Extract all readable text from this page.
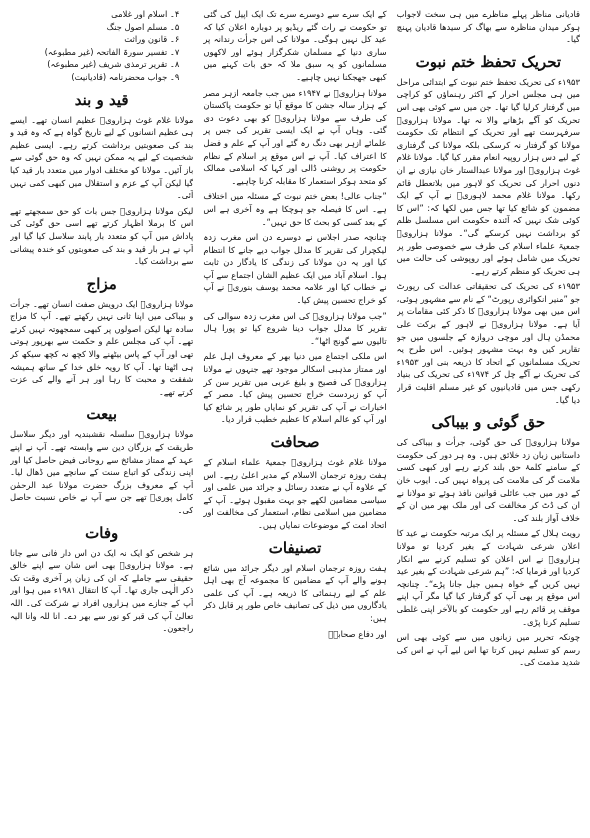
قادیانی مناظر پہلے مناظرے میں ہی سخت لاجواب ہوکر میدان مناظرہ سے بھاگ کر سیدھا قادیان پہنچ گیا۔

تحریک تحفظ ختم نبوت

۱۹۵۳ء کی تحریک تحفظ ختم نبوت کے ابتدائی مراحل میں ہی مجلس احرار کے اکثر رہنماؤں کو کراچی میں گرفتار کرلیا گیا تھا۔ جن میں سے کوئی بھی اس تحریک کو آگے بڑھانے والا نہ تھا۔ مولانا ہزارویؒ سرفہرست تھے اور تحریک کے انتظام تک حکومت مولانا کو گرفتار نہ کرسکی بلکہ مولانا کی گرفتاری کے لیے دس ہزار روپیہ انعام مقرر کیا گیا۔ مولانا غلام غوث ہزارویؒ اور مولانا عبدالستار خان نیازی نے ان دنوں احرار کی تحریک کو لاہور میں بلاتعطل قائم رکھا۔ مولانا غلام محمد لاہوریؒ نے آپ کے ایک مضمون کو شائع کیا تھا جس میں لکھا کہ: ”اس کا کوئی شک نہیں کہ آئندہ حکومت اس مسلسل ظلم کو برداشت نہیں کرسکے گی“۔ مولانا ہزارویؒ جمعیۃ علماء اسلام کی طرف سے خصوصی طور پر تحریک میں شامل ہوئے اور روپوشی کی حالت میں ہی تحریک کو منظم کرتے رہے۔

۱۹۵۳ء کی تحریک کی تحقیقاتی عدالت کی رپورٹ جو ”منیر انکوائری رپورٹ“ کے نام سے مشہور ہوئی، اس میں بھی مولانا ہزارویؒ کا ذکر کئی مقامات پر آیا ہے۔ مولانا ہزارویؒ نے لاہور کے برکت علی محمڈن ہال اور موچی دروازہ کے جلسوں میں جو تقاریر کیں وہ بہت مشہور ہوئیں۔ اس طرح یہ تحریک مسلمانوں کے اتحاد کا ذریعہ بنی اور ۱۹۵۳ء کی تحریک نے آگے چل کر ۱۹۷۴ء کی تحریک کی بنیاد رکھی جس میں قادیانیوں کو غیر مسلم اقلیت قرار دیا گیا۔

حق گوئی و بیباکی

مولانا ہزارویؒ کی حق گوئی، جرأت و بیباکی کی داستانیں زبان زد خلائق ہیں۔ وہ ہر دور کی حکومت کے سامنے کلمۂ حق بلند کرتے رہے اور کبھی کسی ملامت گر کی ملامت کی پرواہ نہیں کی۔ ایوب خان کے دور میں جب عائلی قوانین نافذ ہوئے تو مولانا نے ان کی ڈٹ کر مخالفت کی اور ملک بھر میں ان کے خلاف آواز بلند کی۔

رویت ہلال کے مسئلہ پر ایک مرتبہ حکومت نے عید کا اعلان شرعی شہادت کے بغیر کردیا تو مولانا ہزارویؒ نے اس اعلان کو تسلیم کرنے سے انکار کردیا اور فرمایا کہ: ”ہم شرعی شہادت کے بغیر عید نہیں کریں گے خواہ ہمیں جیل جانا پڑے“۔ چنانچہ اس موقع پر بھی آپ کو گرفتار کیا گیا مگر آپ اپنے موقف پر قائم رہے اور حکومت کو بالآخر اپنی غلطی تسلیم کرنا پڑی۔

چونکہ تحریر میں زبانوں میں سے کوئی بھی اس رسم کو تسلیم نہیں کرتا تھا اس لیے آپ نے اس کی شدید مذمت کی۔

کے ایک سرے سے دوسرے سرے تک ایک اپیل کی گئی تو حکومت نے رات گئے ریڈیو پر دوبارہ اعلان کیا کہ عید کل نہیں ہوگی۔ مولانا کی اس جرأت رندانہ پر ساری دنیا کے مسلمان شکرگزار ہوئے اور لاکھوں مسلمانوں کو یہ سبق ملا کہ حق بات کہنے میں کبھی جھجکنا نہیں چاہیے۔

مولانا ہزارویؒ نے ۱۹۴۷ء میں جب جامعہ ازہر مصر کے ہزار سالہ جشن کا موقع آیا تو حکومت پاکستان کی طرف سے مولانا ہزارویؒ کو بھی دعوت دی گئی۔ وہاں آپ نے ایک ایسی تقریر کی جس پر علمائے ازہر بھی دنگ رہ گئے اور آپ کے علم و فضل کا اعتراف کیا۔ آپ نے اس موقع پر اسلام کے نظام حکومت پر روشنی ڈالی اور کہا کہ اسلامی ممالک کو متحد ہوکر استعمار کا مقابلہ کرنا چاہیے۔

”جناب عالی! بعض ختم نبوت کے مسئلہ میں اختلاف ہے۔ اس کا فیصلہ جو ہوچکا ہے وہ آخری ہے اس کے بعد کسی کو بحث کا حق نہیں“۔

چنانچہ صدر اجلاس نے دوسرے دن اس مغرب زدہ لیکچرار کی تقریر کا مدلل جواب دیے جانے کا انتظام کیا اور یہ دن مولانا کی زندگی کا یادگار دن ثابت ہوا۔ اسلام آباد میں ایک عظیم الشان اجتماع سے آپ نے خطاب کیا اور علامہ محمد یوسف بنوریؒ نے آپ کو خراج تحسین پیش کیا۔

”جب مولانا ہزارویؒ کی اس مغرب زدہ سوالی کی تقریر کا مدلل جواب دینا شروع کیا تو پورا ہال تالیوں سے گونج اٹھا“۔

اس ملکی اجتماع میں دنیا بھر کے معروف اہل علم اور ممتاز مذہبی اسکالر موجود تھے جنہوں نے مولانا ہزارویؒ کی فصیح و بلیغ عربی میں تقریر سن کر آپ کو زبردست خراج تحسین پیش کیا۔ مصر کے اخبارات نے آپ کی تقریر کو نمایاں طور پر شائع کیا اور آپ کو عالم اسلام کا عظیم خطیب قرار دیا۔

صحافت

مولانا غلام غوث ہزارویؒ جمعیۃ علماء اسلام کے ہفت روزہ ترجمان الاسلام کے مدیر اعلیٰ رہے۔ اس کے علاوہ آپ نے متعدد رسائل و جرائد میں علمی اور سیاسی مضامین لکھے جو بہت مقبول ہوئے۔ آپ کے مضامین میں اسلامی نظام، استعمار کی مخالفت اور اتحاد امت کے موضوعات نمایاں ہیں۔

تصنیفات

ہفت روزہ ترجمان اسلام اور دیگر جرائد میں شائع ہونے والے آپ کے مضامین کا مجموعہ آج بھی اہل علم کے لیے رہنمائی کا ذریعہ ہے۔ آپ کی علمی یادگاروں میں ذیل کی تصانیف خاص طور پر قابل ذکر ہیں:

اور دفاع صحابہؓ

۴۔ اسلام اور غلامی
۵۔ مسلم اصول جنگ
۶۔ قانون وراثت
۷۔ تفسیر سورۃ الفاتحہ (غیر مطبوعہ)
۸۔ تقریر ترمذی شریف (غیر مطبوعہ)
۹۔ جواب محضرنامہ (قادیانیت)
قید و بند

مولانا غلام غوث ہزارویؒ عظیم انسان تھے۔ ایسے ہی عظیم انسانوں کے لیے تاریخ گواہ ہے کہ وہ قید و بند کی صعوبتیں برداشت کرتے رہے۔ ایسی عظیم شخصیت کے لیے یہ ممکن نہیں کہ وہ حق گوئی سے باز آئیں۔ مولانا کو مختلف ادوار میں متعدد بار قید کیا گیا لیکن آپ کے عزم و استقلال میں کبھی کمی نہیں آئی۔

لیکن مولانا ہزارویؒ جس بات کو حق سمجھتے تھے اس کا برملا اظہار کرتے تھے اسی حق گوئی کی پاداش میں آپ کو متعدد بار پابند سلاسل کیا گیا اور آپ نے ہر بار قید و بند کی صعوبتوں کو خندہ پیشانی سے برداشت کیا۔

مزاج

مولانا ہزارویؒ ایک درویش صفت انسان تھے۔ جرأت و بیباکی میں اپنا ثانی نہیں رکھتے تھے۔ آپ کا مزاج سادہ تھا لیکن اصولوں پر کبھی سمجھوتہ نہیں کرتے تھے۔ آپ کی مجلس علم و حکمت سے بھرپور ہوتی تھی اور آپ کے پاس بیٹھنے والا کچھ نہ کچھ سیکھ کر ہی اٹھتا تھا۔ آپ کا رویہ خلق خدا کے ساتھ ہمیشہ شفقت و محبت کا رہا اور ہر آنے والے کی عزت کرتے تھے۔

بیعت

مولانا ہزارویؒ سلسلہ نقشبندیہ اور دیگر سلاسل طریقت کے بزرگان دین سے وابستہ تھے۔ آپ نے اپنے عہد کے ممتاز مشائخ سے روحانی فیض حاصل کیا اور اپنی زندگی کو اتباع سنت کے سانچے میں ڈھال لیا۔ آپ کے معروف بزرگ حضرت مولانا عبد الرحمٰن کامل پوریؒ تھے جن سے آپ نے خاص نسبت حاصل کی۔

وفات

ہر شخص کو ایک نہ ایک دن اس دار فانی سے جانا ہے۔ مولانا ہزارویؒ بھی اس شان سے اپنے خالق حقیقی سے جاملے کہ ان کی زبان پر آخری وقت تک ذکر الٰہی جاری تھا۔ آپ کا انتقال ۱۹۸۱ء میں ہوا اور آپ کے جنازے میں ہزاروں افراد نے شرکت کی۔ اللہ تعالیٰ آپ کی قبر کو نور سے بھر دے۔ انا للہ وانا الیہ راجعون۔
